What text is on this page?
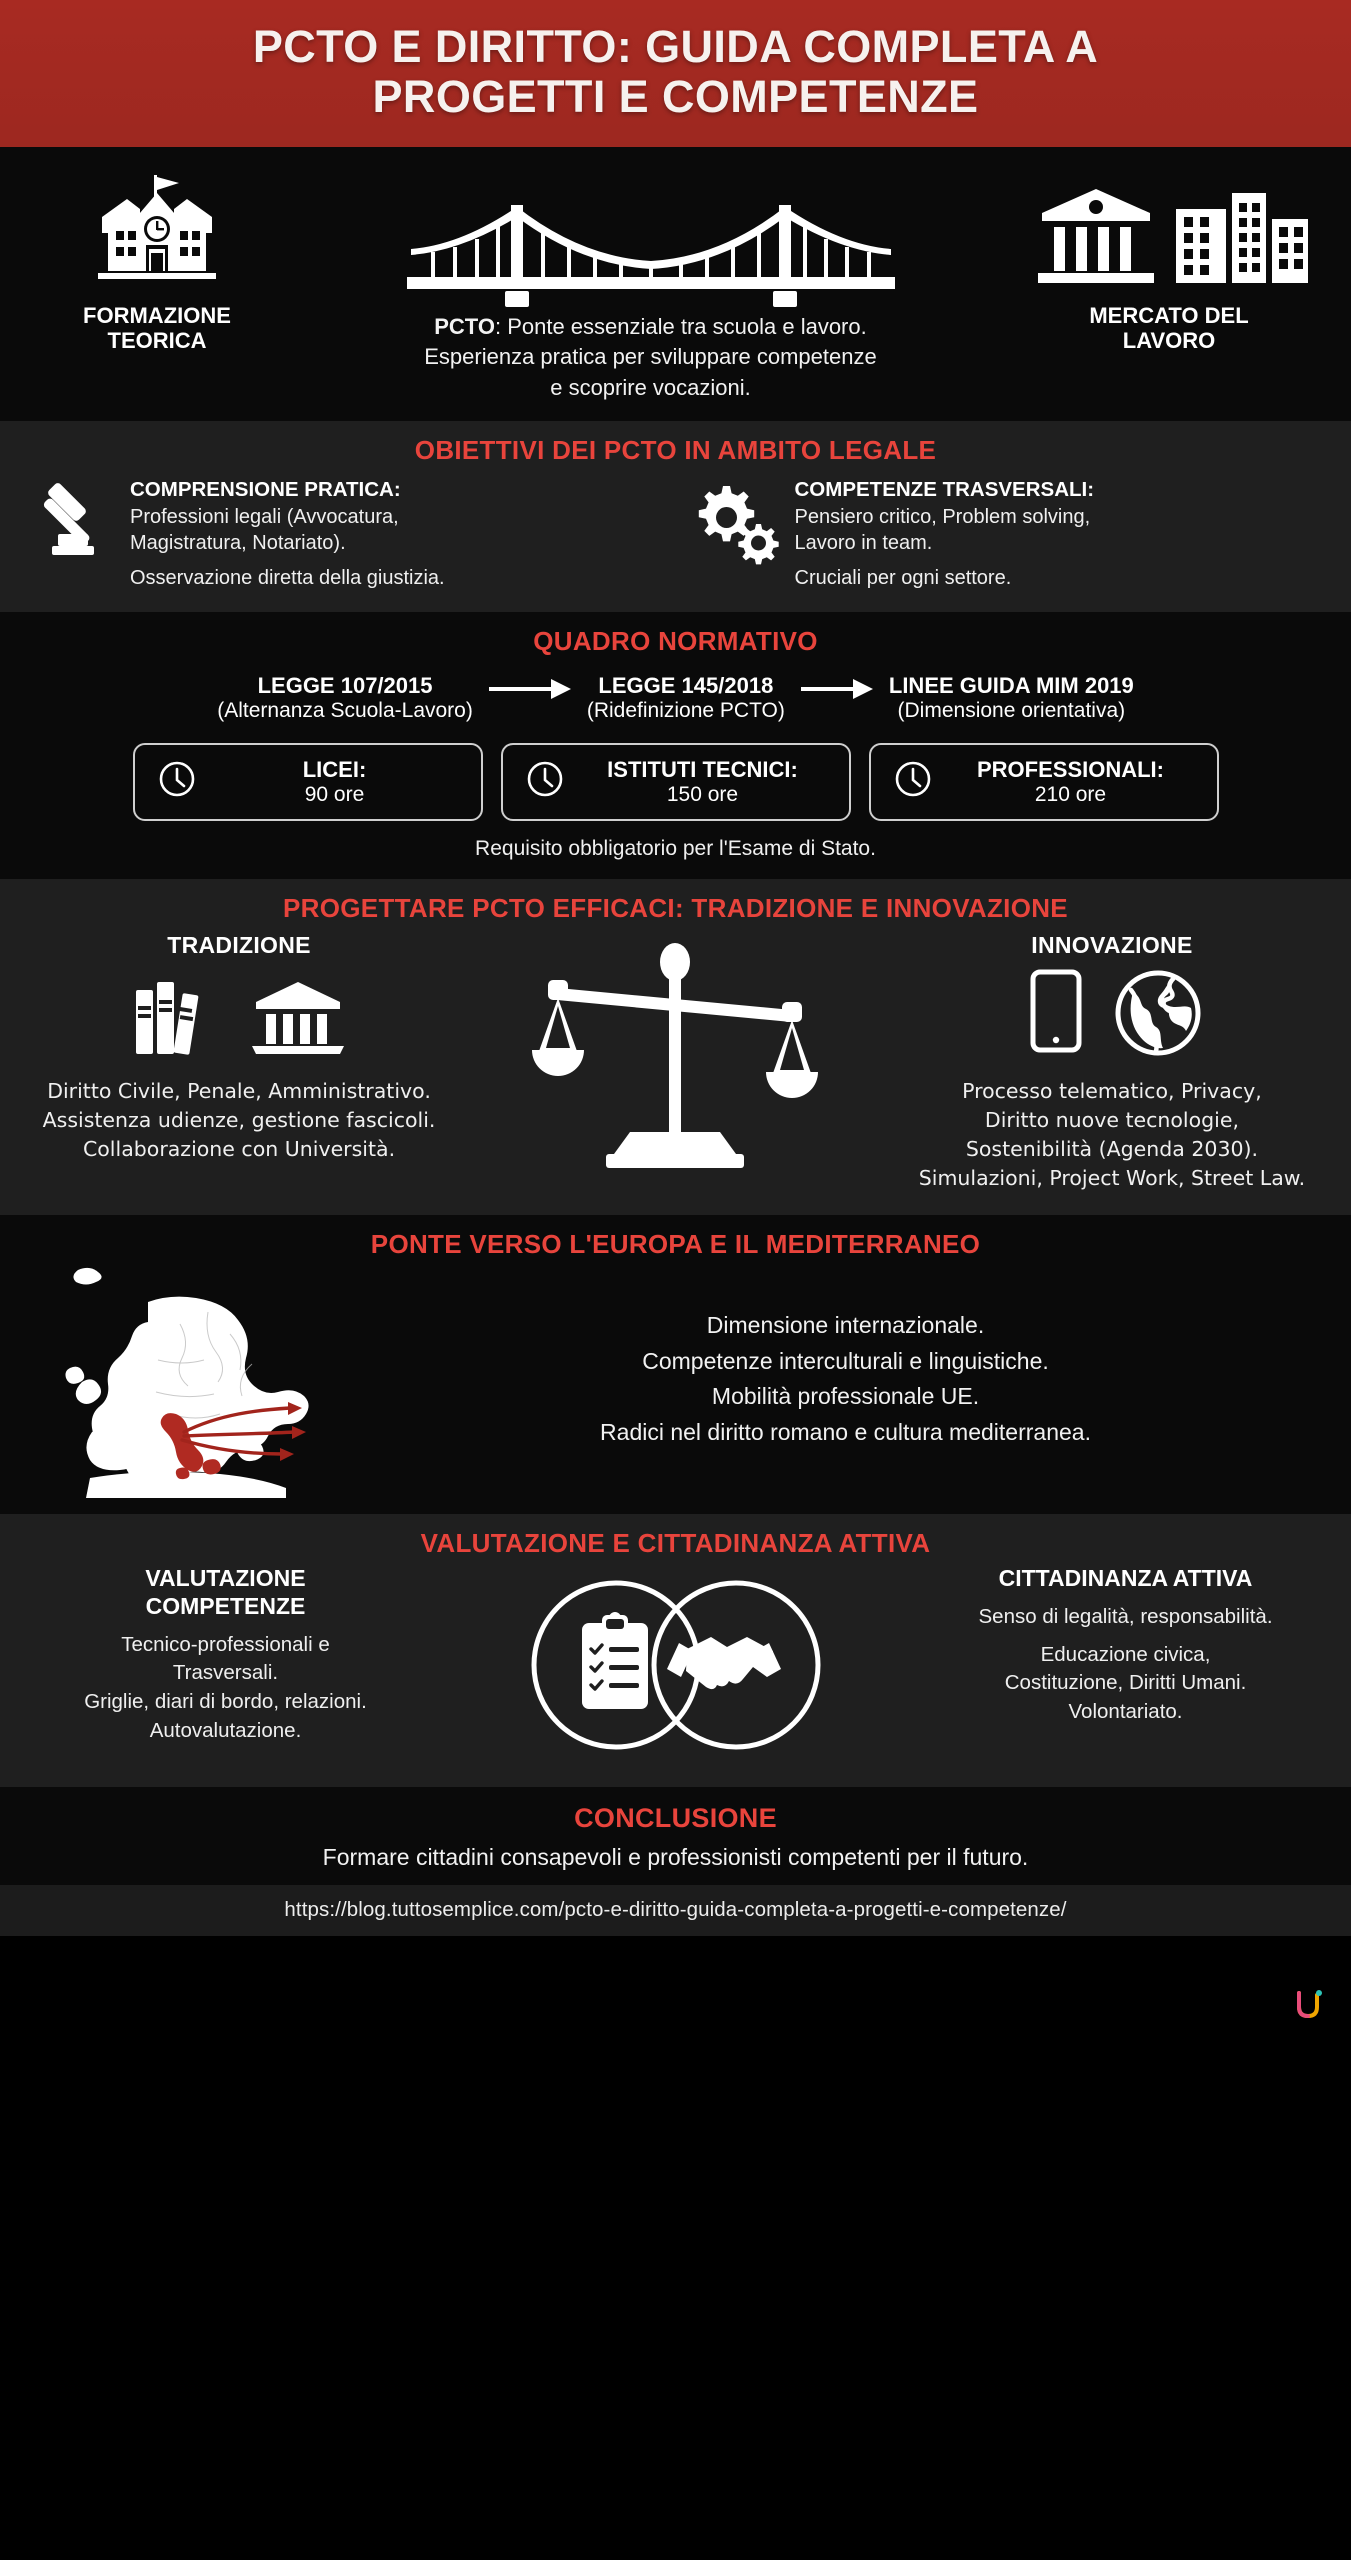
PCTO E DIRITTO: GUIDA COMPLETA A
PROGETTI E COMPETENZE
FORMAZIONE
TEORICA
PCTO: Ponte essenziale tra scuola e lavoro.
Esperienza pratica per sviluppare competenze
e scoprire vocazioni.
MERCATO DEL
LAVORO
OBIETTIVI DEI PCTO IN AMBITO LEGALE
COMPRENSIONE PRATICA:
Professioni legali (Avvocatura,
Magistratura, Notariato).
Osservazione diretta della giustizia.
COMPETENZE TRASVERSALI:
Pensiero critico, Problem solving,
Lavoro in team.
Cruciali per ogni settore.
QUADRO NORMATIVO
LEGGE 107/2015
(Alternanza Scuola-Lavoro)
LEGGE 145/2018
(Ridefinizione PCTO)
LINEE GUIDA MIM 2019
(Dimensione orientativa)
LICEI:
90 ore
ISTITUTI TECNICI:
150 ore
PROFESSIONALI:
210 ore
Requisito obbligatorio per l'Esame di Stato.
PROGETTARE PCTO EFFICACI: TRADIZIONE E INNOVAZIONE
TRADIZIONE
Diritto Civile, Penale, Amministrativo.
Assistenza udienze, gestione fascicoli.
Collaborazione con Università.
INNOVAZIONE
Processo telematico, Privacy,
Diritto nuove tecnologie,
Sostenibilità (Agenda 2030).
Simulazioni, Project Work, Street Law.
PONTE VERSO L'EUROPA E IL MEDITERRANEO
Dimensione internazionale.
Competenze interculturali e linguistiche.
Mobilità professionale UE.
Radici nel diritto romano e cultura mediterranea.
VALUTAZIONE E CITTADINANZA ATTIVA
VALUTAZIONE
COMPETENZE
Tecnico-professionali e
Trasversali.
Griglie, diari di bordo, relazioni.
Autovalutazione.
CITTADINANZA ATTIVA
Senso di legalità, responsabilità.
Educazione civica,
Costituzione, Diritti Umani.
Volontariato.
CONCLUSIONE
Formare cittadini consapevoli e professionisti competenti per il futuro.
https://blog.tuttosemplice.com/pcto-e-diritto-guida-completa-a-progetti-e-competenze/
